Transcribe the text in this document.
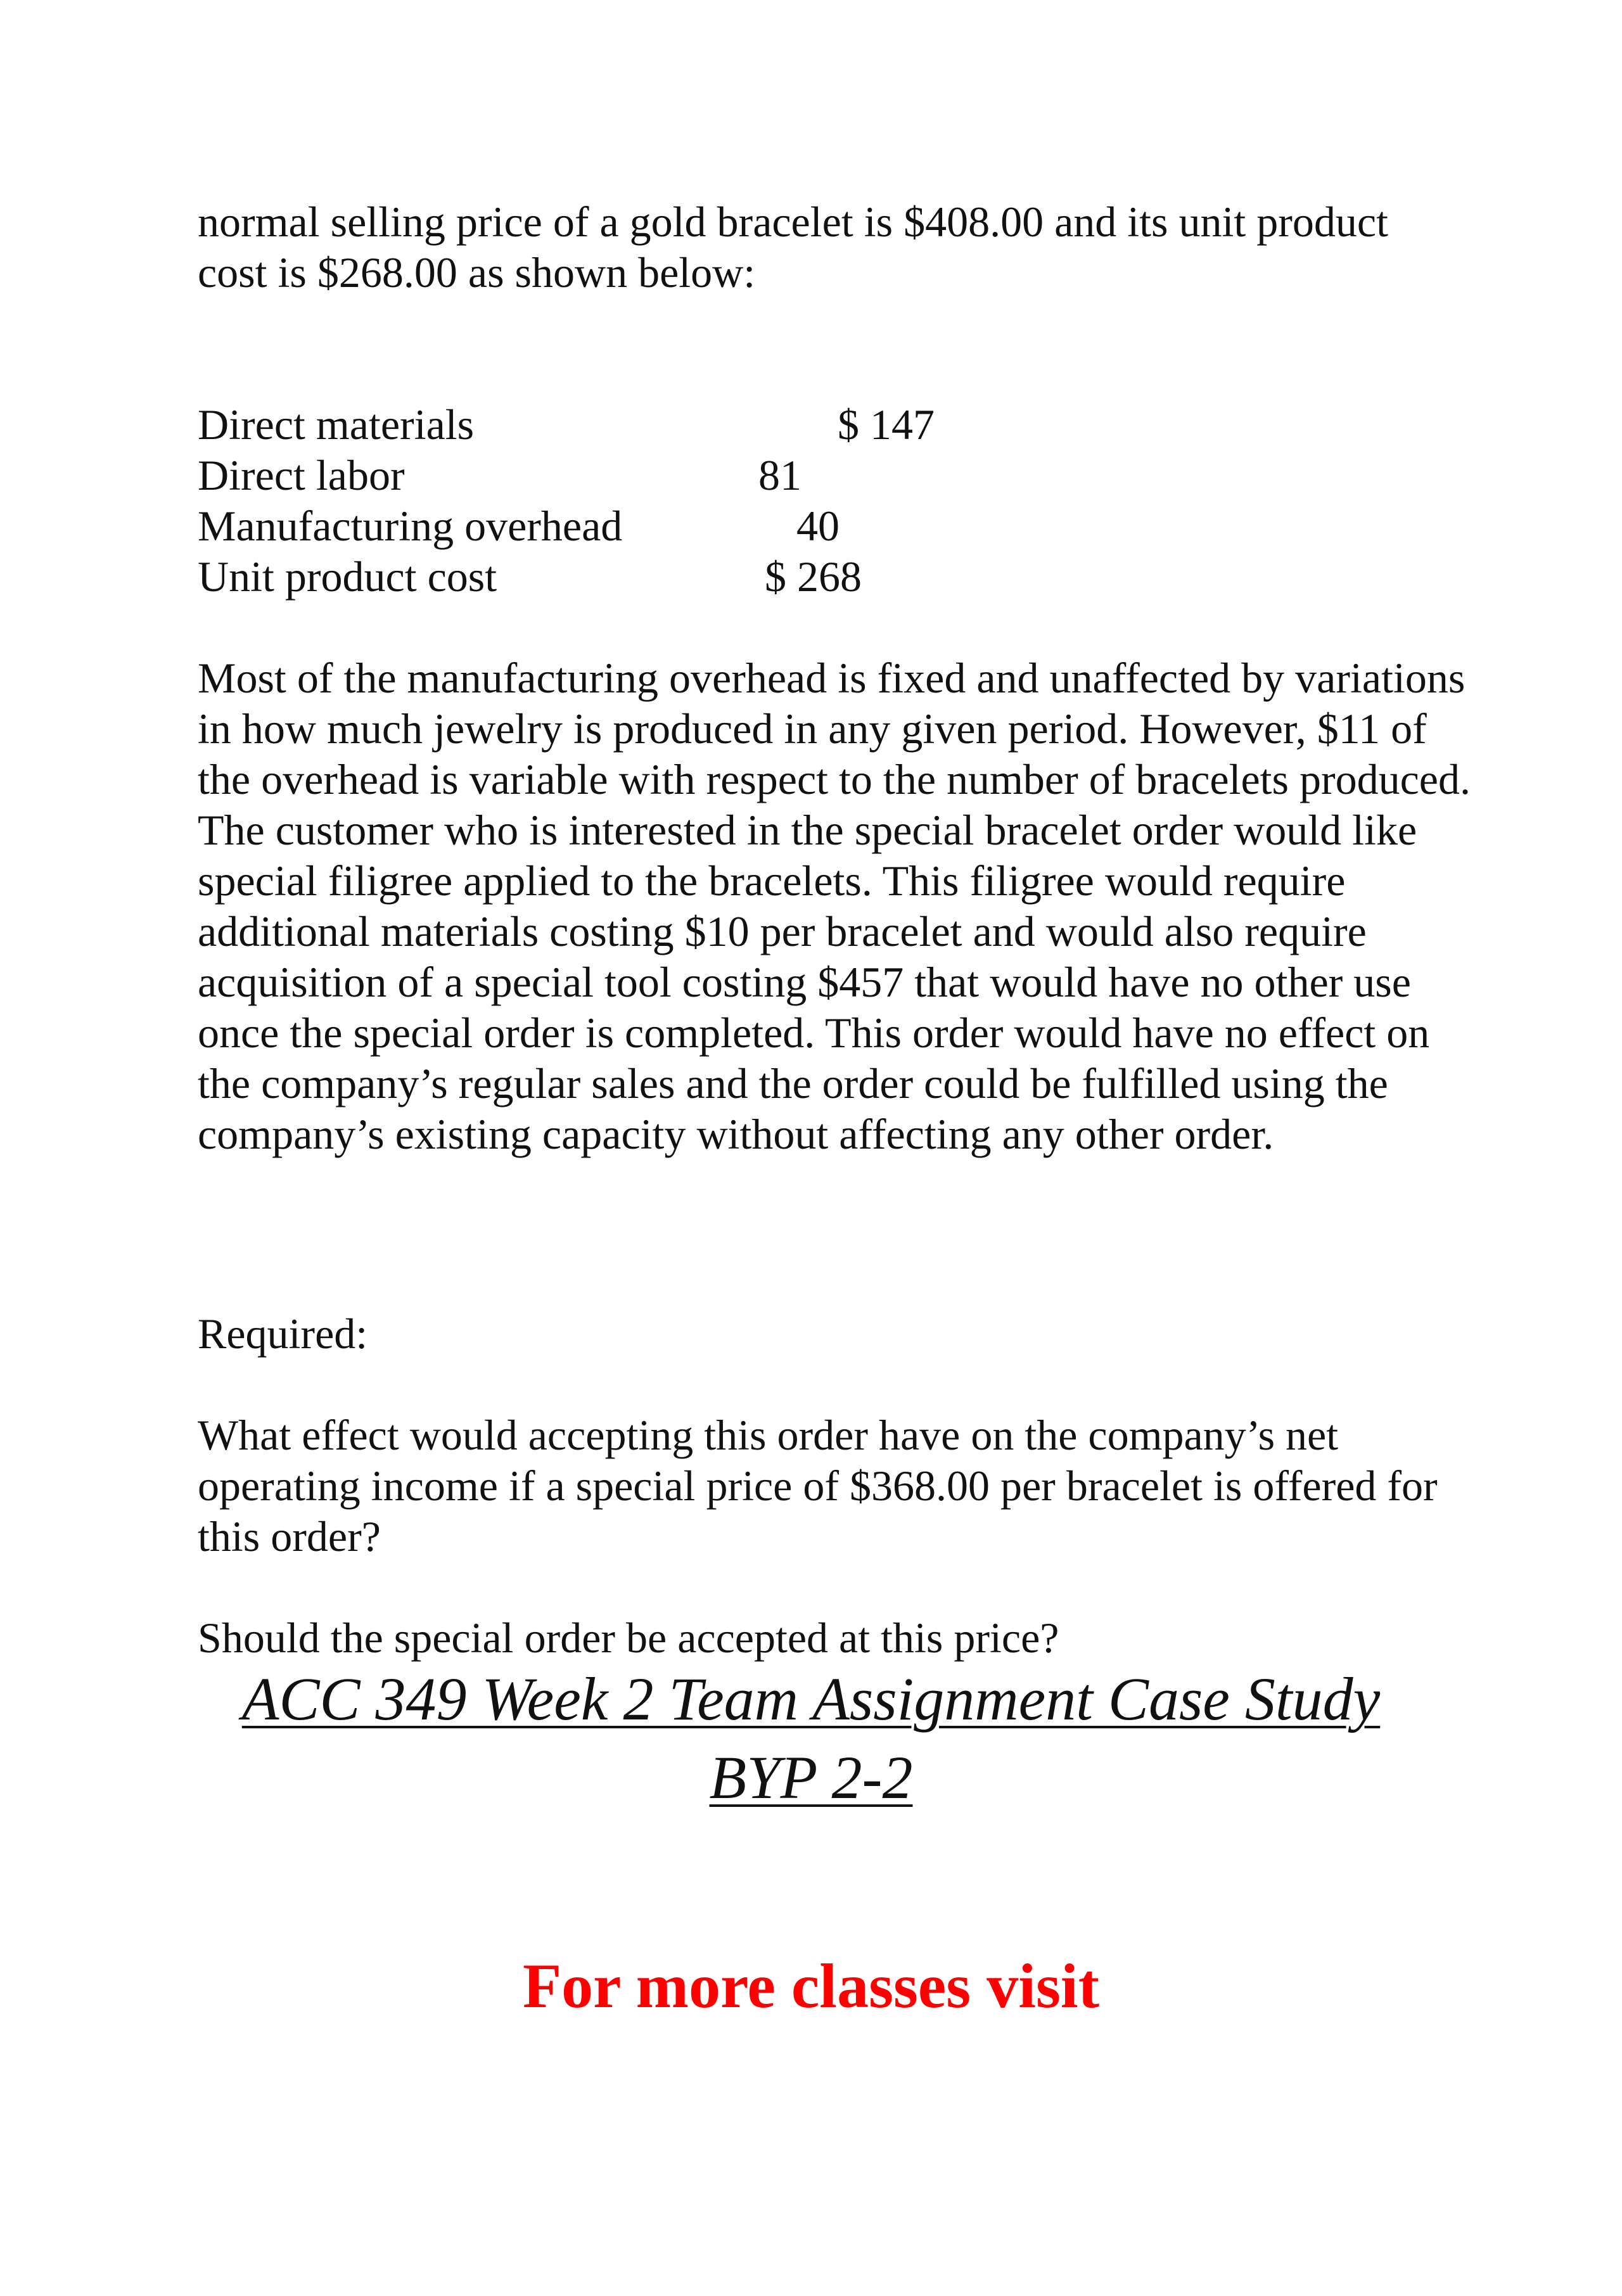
normal selling price of a gold bracelet is $408.00 and its unit product cost is $268.00 as shown below:

Direct materials	$ 147
Direct labor	81
Manufacturing overhead	40
Unit product cost	$ 268

Most of the manufacturing overhead is fixed and unaffected by variations in how much jewelry is produced in any given period. However, $11 of the overhead is variable with respect to the number of bracelets produced. The customer who is interested in the special bracelet order would like special filigree applied to the bracelets. This filigree would require additional materials costing $10 per bracelet and would also require acquisition of a special tool costing $457 that would have no other use once the special order is completed. This order would have no effect on the company’s regular sales and the order could be fulfilled using the company’s existing capacity without affecting any other order.

Required:

What effect would accepting this order have on the company’s net operating income if a special price of $368.00 per bracelet is offered for this order?

Should the special order be accepted at this price?

ACC 349 Week 2 Team Assignment Case Study
BYP 2-2
For more classes visit
